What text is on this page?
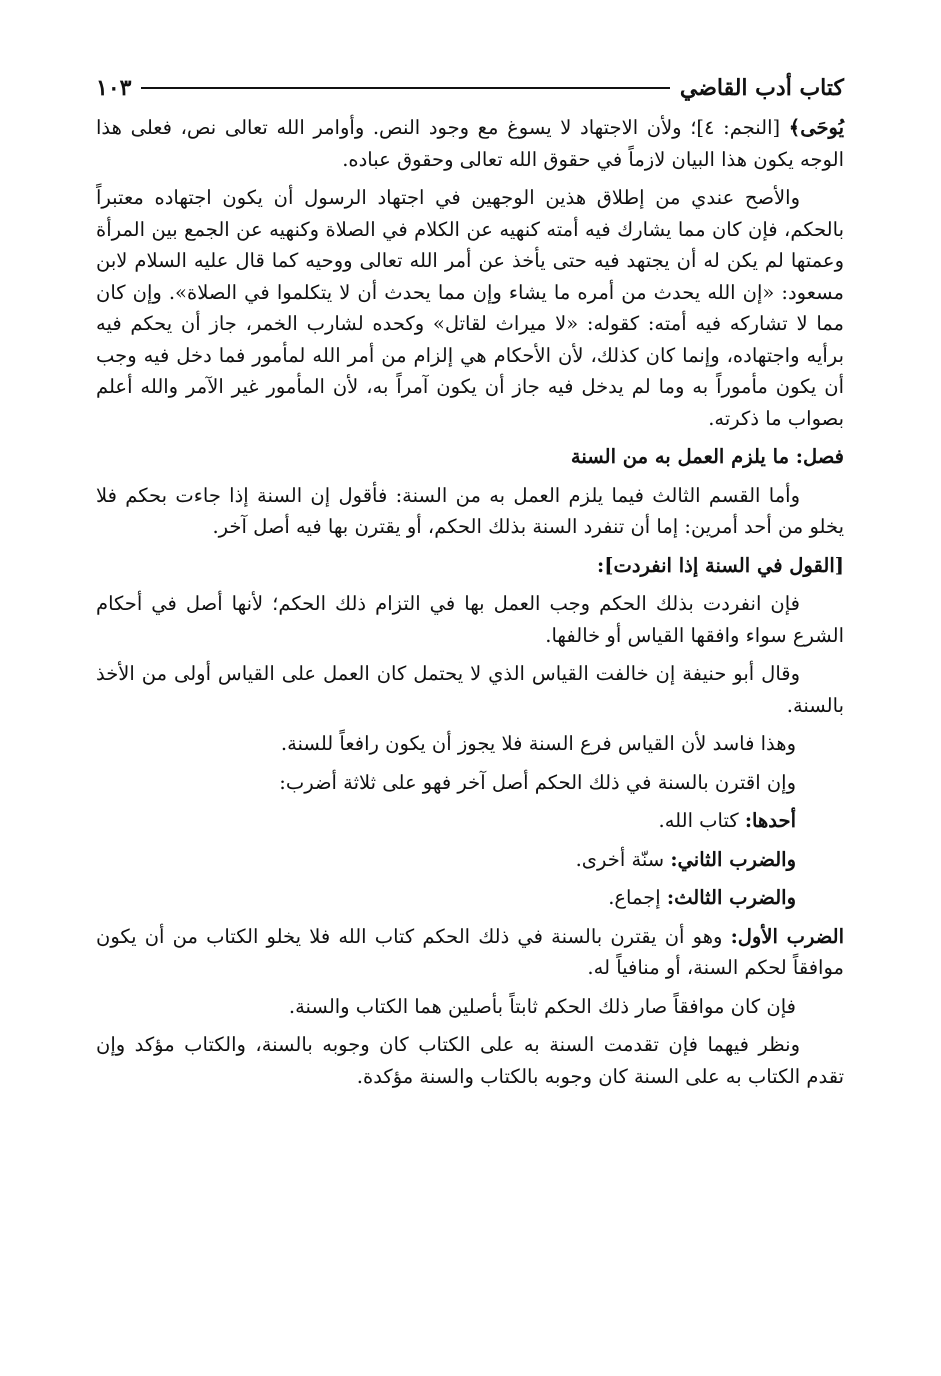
كتاب أدب القاضي
١٠٣

يُوحَى﴾ [النجم: ٤]؛ ولأن الاجتهاد لا يسوغ مع وجود النص. وأوامر الله تعالى نص، فعلى هذا الوجه يكون هذا البيان لازماً في حقوق الله تعالى وحقوق عباده.

والأصح عندي من إطلاق هذين الوجهين في اجتهاد الرسول أن يكون اجتهاده معتبراً بالحكم، فإن كان مما يشارك فيه أمته كنهيه عن الكلام في الصلاة وكنهيه عن الجمع بين المرأة وعمتها لم يكن له أن يجتهد فيه حتى يأخذ عن أمر الله تعالى ووحيه كما قال عليه السلام لابن مسعود: «إن الله يحدث من أمره ما يشاء وإن مما يحدث أن لا يتكلموا في الصلاة». وإن كان مما لا تشاركه فيه أمته: كقوله: «لا ميراث لقاتل» وكحده لشارب الخمر، جاز أن يحكم فيه برأيه واجتهاده، وإنما كان كذلك، لأن الأحكام هي إلزام من أمر الله لمأمور فما دخل فيه وجب أن يكون مأموراً به وما لم يدخل فيه جاز أن يكون آمراً به، لأن المأمور غير الآمر والله أعلم بصواب ما ذكرته.

فصل: ما يلزم العمل به من السنة

وأما القسم الثالث فيما يلزم العمل به من السنة: فأقول إن السنة إذا جاءت بحكم فلا يخلو من أحد أمرين: إما أن تنفرد السنة بذلك الحكم، أو يقترن بها فيه أصل آخر.

[القول في السنة إذا انفردت]:

فإن انفردت بذلك الحكم وجب العمل بها في التزام ذلك الحكم؛ لأنها أصل في أحكام الشرع سواء وافقها القياس أو خالفها.

وقال أبو حنيفة إن خالفت القياس الذي لا يحتمل كان العمل على القياس أولى من الأخذ بالسنة.

وهذا فاسد لأن القياس فرع السنة فلا يجوز أن يكون رافعاً للسنة.

وإن اقترن بالسنة في ذلك الحكم أصل آخر فهو على ثلاثة أضرب:

أحدها: كتاب الله.

والضرب الثاني: سنّة أخرى.

والضرب الثالث: إجماع.

الضرب الأول: وهو أن يقترن بالسنة في ذلك الحكم كتاب الله فلا يخلو الكتاب من أن يكون موافقاً لحكم السنة، أو منافياً له.

فإن كان موافقاً صار ذلك الحكم ثابتاً بأصلين هما الكتاب والسنة.

ونظر فيهما فإن تقدمت السنة به على الكتاب كان وجوبه بالسنة، والكتاب مؤكد وإن تقدم الكتاب به على السنة كان وجوبه بالكتاب والسنة مؤكدة.
